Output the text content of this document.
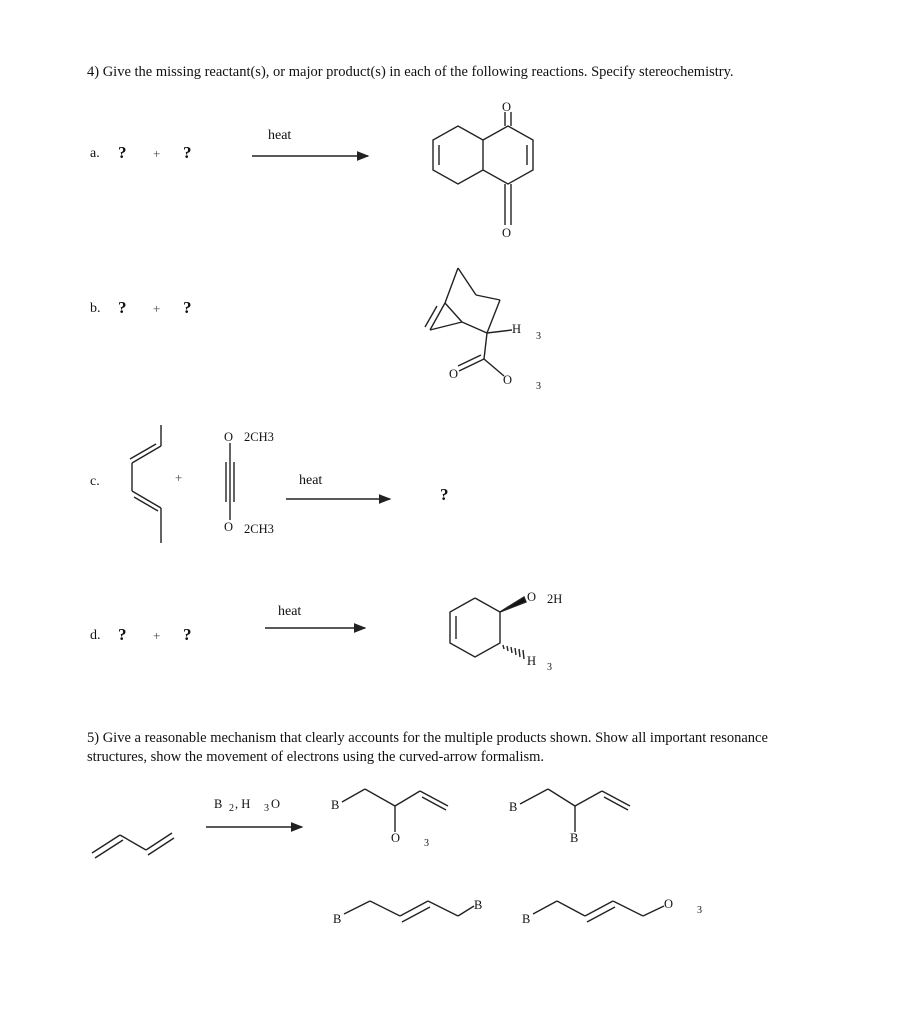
4) Give the missing reactant(s), or major product(s) in each of the following reactions. Specify stereochemistry.
a. ? + ?
heat
O
O
b. ? + ?
H
3
O	O 3
c.	+
O 2CH3
O 2CH3
heat
?
d. ? + ?
heat
O 2H
H 3
5) Give a reasonable mechanism that clearly accounts for the multiple products shown. Show all important resonance
structures, show the movement of electrons using the curved-arrow formalism.
B 2 , H 3 O	B
O 3
B
B
B
B
B
O 3
